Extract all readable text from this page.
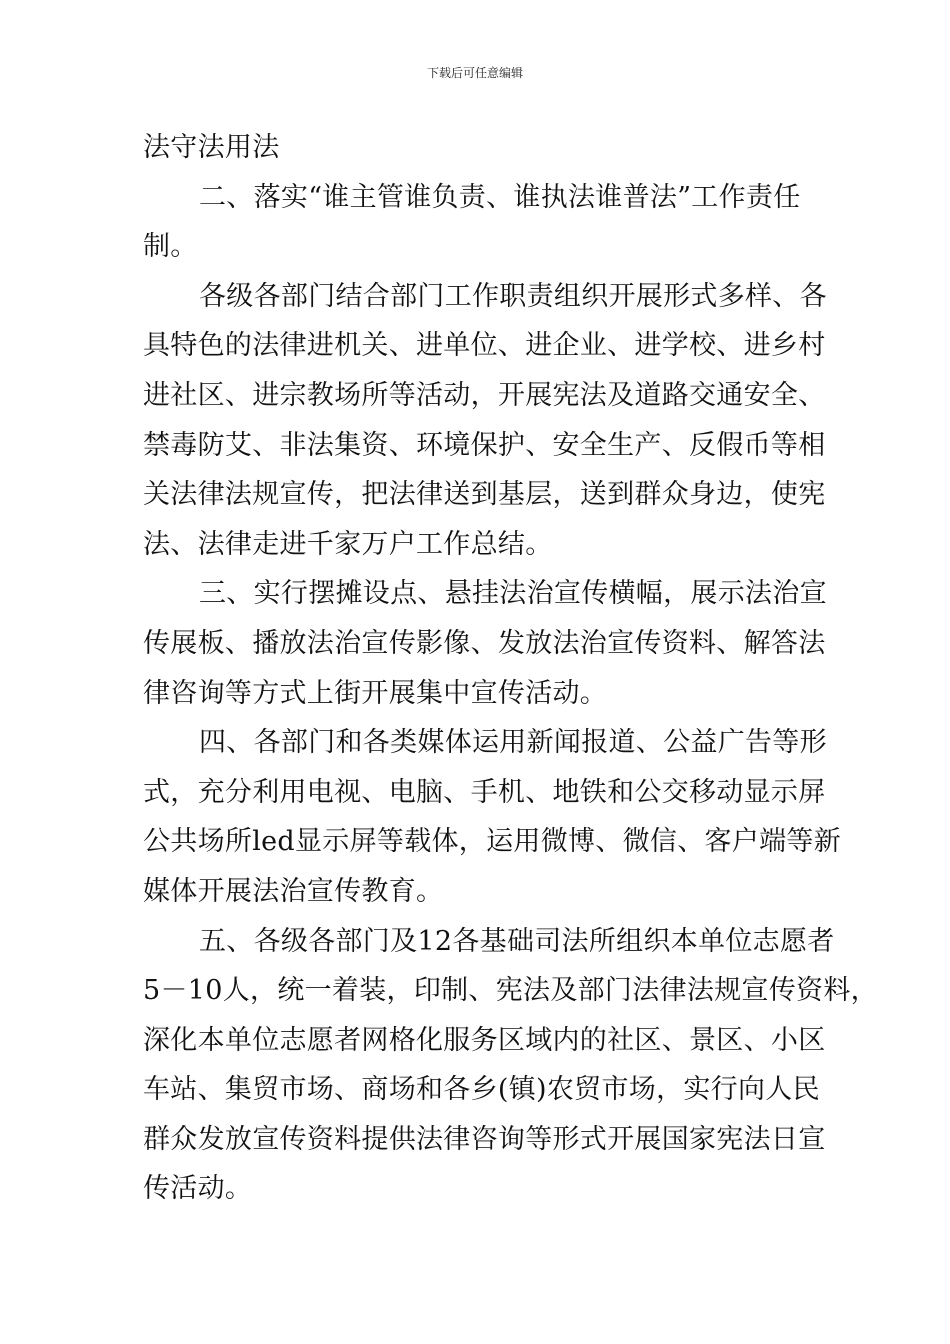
下载后可任意编辑
法守法用法
二、落实“谁主管谁负责、谁执法谁普法”工作责任
制。
各级各部门结合部门工作职责组织开展形式多样、各
具特色的法律进机关、进单位、进企业、进学校、进乡村
进社区、进宗教场所等活动，开展宪法及道路交通安全、
禁毒防艾、非法集资、环境保护、安全生产、反假币等相
关法律法规宣传，把法律送到基层，送到群众身边，使宪
法、法律走进千家万户工作总结。
三、实行摆摊设点、悬挂法治宣传横幅，展示法治宣
传展板、播放法治宣传影像、发放法治宣传资料、解答法
律咨询等方式上街开展集中宣传活动。
四、各部门和各类媒体运用新闻报道、公益广告等形
式，充分利用电视、电脑、手机、地铁和公交移动显示屏
公共场所led显示屏等载体，运用微博、微信、客户端等新
媒体开展法治宣传教育。
五、各级各部门及12各基础司法所组织本单位志愿者
5－10人，统一着装，印制、宪法及部门法律法规宣传资料，
深化本单位志愿者网格化服务区域内的社区、景区、小区
车站、集贸市场、商场和各乡(镇)农贸市场，实行向人民
群众发放宣传资料提供法律咨询等形式开展国家宪法日宣
传活动。
